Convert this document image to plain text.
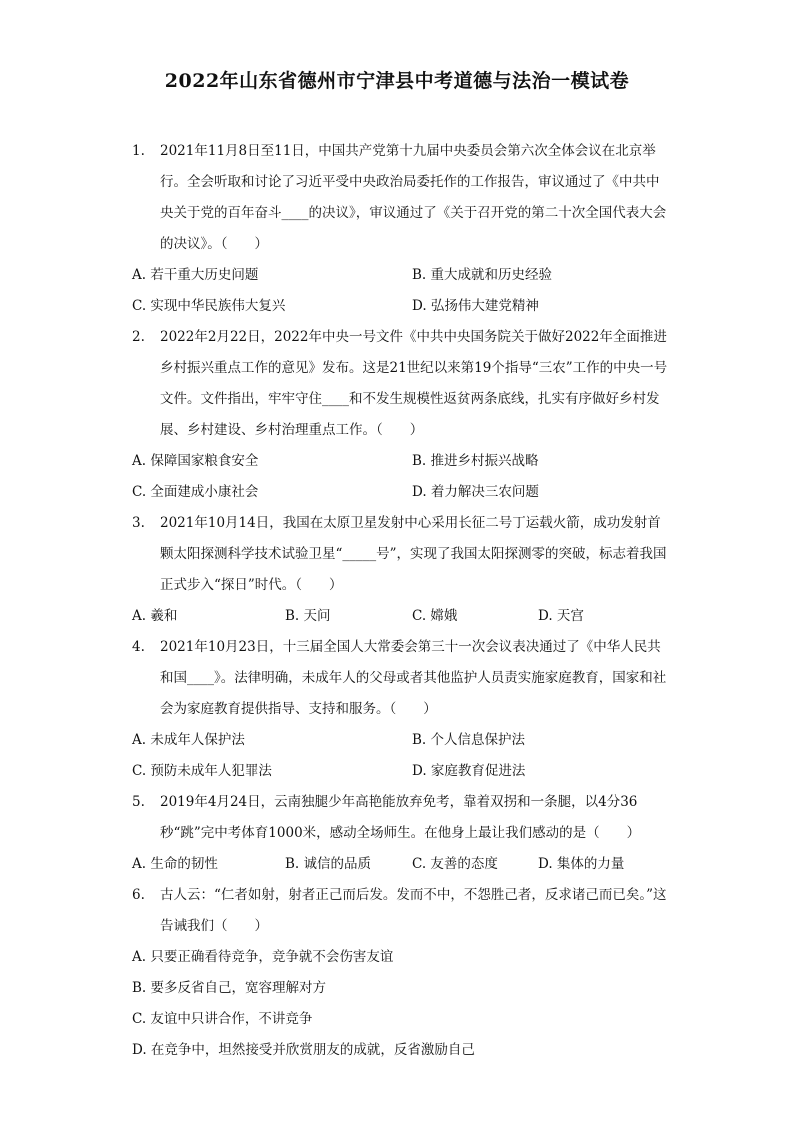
2022年山东省德州市宁津县中考道德与法治一模试卷
1. 2021年11月8日至11日，中国共产党第十九届中央委员会第六次全体会议在北京举行。全会听取和讨论了习近平受中央政治局委托作的工作报告，审议通过了《中共中央关于党的百年奋斗____的决议》，审议通过了《关于召开党的第二十次全国代表大会的决议》。（　　）
A. 若干重大历史问题	B. 重大成就和历史经验
C. 实现中华民族伟大复兴	D. 弘扬伟大建党精神
2. 2022年2月22日，2022年中央一号文件《中共中央国务院关于做好2022年全面推进乡村振兴重点工作的意见》发布。这是21世纪以来第19个指导“三农”工作的中央一号文件。文件指出，牢牢守住____和不发生规模性返贫两条底线，扎实有序做好乡村发展、乡村建设、乡村治理重点工作。（　　）
A. 保障国家粮食安全	B. 推进乡村振兴战略
C. 全面建成小康社会	D. 着力解决三农问题
3. 2021年10月14日，我国在太原卫星发射中心采用长征二号丁运载火箭，成功发射首颗太阳探测科学技术试验卫星“_____号”，实现了我国太阳探测零的突破，标志着我国正式步入“探日”时代。（　　）
A. 羲和	B. 天问	C. 嫦娥	D. 天宫
4. 2021年10月23日，十三届全国人大常委会第三十一次会议表决通过了《中华人民共和国____》。法律明确，未成年人的父母或者其他监护人员责实施家庭教育，国家和社会为家庭教育提供指导、支持和服务。（　　）
A. 未成年人保护法	B. 个人信息保护法
C. 预防未成年人犯罪法	D. 家庭教育促进法
5. 2019年4月24日，云南独腿少年高艳能放弃免考，靠着双拐和一条腿，以4分36秒“跳”完中考体育1000米，感动全场师生。在他身上最让我们感动的是（　　）
A. 生命的韧性	B. 诚信的品质	C. 友善的态度	D. 集体的力量
6. 古人云：“仁者如射，射者正己而后发。发而不中，不怨胜己者，反求诸己而已矣。”这告诫我们（　　）
A. 只要正确看待竞争，竞争就不会伤害友谊
B. 要多反省自己，宽容理解对方
C. 友谊中只讲合作，不讲竞争
D. 在竞争中，坦然接受并欣赏朋友的成就，反省激励自己
